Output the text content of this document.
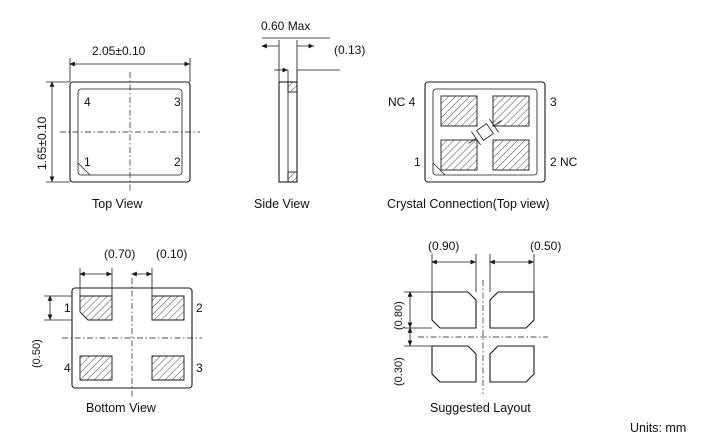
2.05±0.10
1.65±0.10
4	3
1	2
Top View
0.60 Max
(0.13)
Side View
NC 4	3
1	2 NC
Crystal Connection(Top view)
(0.70) (0.10)
(0.50)
1	2
4	3
Bottom View
(0.90)	(0.50)
(0.80)
(0.30)
Suggested Layout
Units: mm
